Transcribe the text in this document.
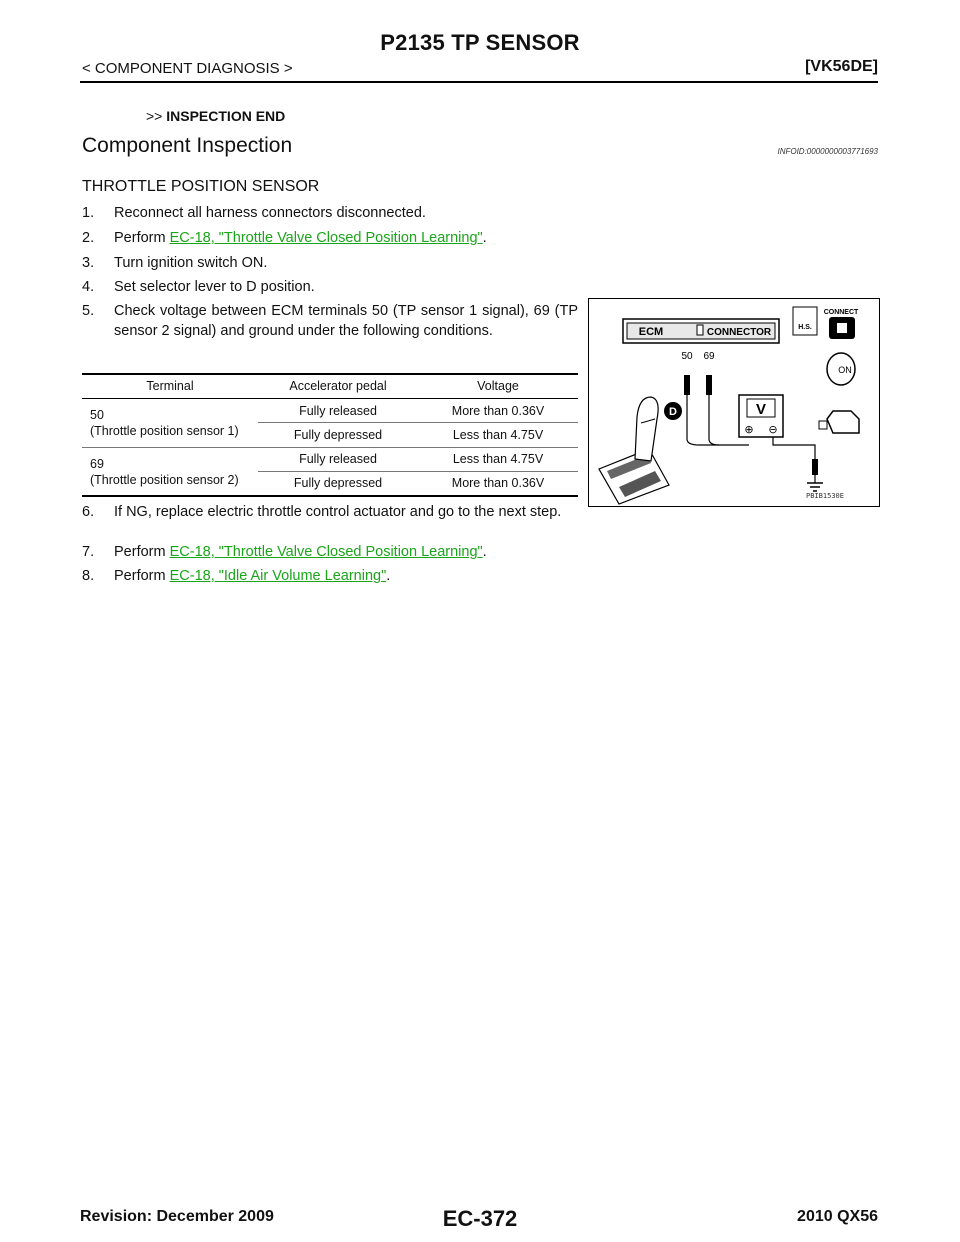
P2135 TP SENSOR
< COMPONENT DIAGNOSIS >	[VK56DE]
>> INSPECTION END
Component Inspection	INFOID:0000000003771693
THROTTLE POSITION SENSOR
1. Reconnect all harness connectors disconnected.
2. Perform EC-18, "Throttle Valve Closed Position Learning".
3. Turn ignition switch ON.
4. Set selector lever to D position.
5. Check voltage between ECM terminals 50 (TP sensor 1 signal), 69 (TP sensor 2 signal) and ground under the following conditions.
Terminal	Accelerator pedal	Voltage
50
(Throttle position sensor 1)
Fully released	More than 0.36V
Fully depressed	Less than 4.75V
69
(Throttle position sensor 2)
Fully released	Less than 4.75V
Fully depressed	More than 0.36V
6. If NG, replace electric throttle control actuator and go to the next step.
7. Perform EC-18, "Throttle Valve Closed Position Learning".
8. Perform EC-18, "Idle Air Volume Learning".
ECM	CONNECTOR
50 69
V
⊕ ⊖
D
H.S.
CONNECT
ON
PBIB1530E
Revision: December 2009	EC-372	2010 QX56
